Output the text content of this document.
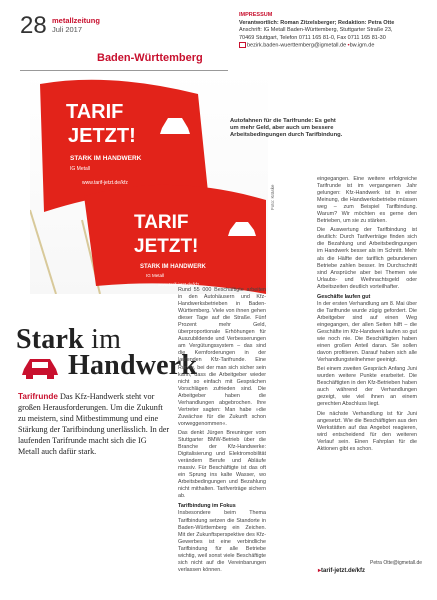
28 metallzeitung
Juli 2017
Baden-Württemberg
IMPRESSUM
Verantwortlich: Roman Zitzelsberger; Redaktion: Petra Otte
Anschrift: IG Metall Baden-Württemberg, Stuttgarter Straße 23,
70469 Stuttgart, Telefon 0711 165 81-0, Fax 0711 165 81-30
bezirk.baden-wuerttemberg@igmetall.de •bw.igm.de
TARIF
JETZT!
STARK IM HANDWERK
IG Metall
www.tarif-jetzt.de/kfz
TARIF
JETZT!
STARK IM HANDWERK
IG Metall
www.tarif-jetzt.de/kfz
Autofahnen für die Tarifrunde: Es geht um mehr Geld, aber auch um bessere Arbeitsbedingungen durch Tarifbindung.
Foto: Kräske
Stark im
Handwerk
Tarifrunde Das Kfz-Handwerk steht vor großen Herausforderungen. Um die Zukunft zu meistern, sind Mitbestimmung und eine Stärkung der Tarifbindung unerlässlich. In der laufenden Tarifrunde macht sich die IG Metall auch dafür stark.
Rund 55 000 Beschäftigte arbeiten in den Autohäusern und Kfz-Handwerksbetrieben in Baden-Württemberg. Viele von ihnen gehen dieser Tage auf die Straße. Fünf Prozent mehr Geld, überproportionale Erhöhungen für Auszubildende und Verbesserungen am Vergütungssystem – das sind die Kernforderungen in der laufenden Kfz-Tarifrunde. Eine Runde, bei der man sich sicher sein kann, dass die Arbeitgeber wieder nicht so einfach mit Gesprächen Vorschlägen zufrieden sind. Die Arbeitgeber haben die Verhandlungen abgebrochen. Ihre Vertreter sagten: Man habe »die Zuwächse für die Zukunft schon vorweggenommen«.
Das denkt Jürgen Breuninger vom Stuttgarter BMW-Betrieb über die Branche der Kfz-Handwerke: Digitalisierung und Elektromobilität verändern Berufe und Abläufe massiv. Für Beschäftigte ist das oft ein Sprung ins kalte Wasser, wo Arbeitsbedingungen und Bezahlung nicht mithalten. Tarifverträge sichern ab.
Tarifbindung im Fokus
Insbesondere beim Thema Tarifbindung setzen die Standorte in Baden-Württemberg ein Zeichen. Mit der Zukunftsperspektive des Kfz-Gewerbes ist eine verbindliche Tarifbindung für alle Betriebe wichtig, weil sonst viele Beschäftigte sich nicht auf die Vereinbarungen verlassen können.
eingegangen. Eine weitere erfolgreiche Tarifrunde ist im vergangenen Jahr gelungen: Kfz-Handwerk ist in einer Meinung, die Handwerksbetriebe müssen weg – zum Beispiel Tarifbindung. Warum? Wir möchten es gerne den Betrieben, um sie zu stärken.
Die Auswertung der Tarifbindung ist deutlich: Durch Tarifverträge finden sich die Bezahlung und Arbeitsbedingungen im Handwerk besser als im Schnitt. Mehr als die Hälfte der tariflich gebundenen Betriebe zahlen besser. Im Durchschnitt sind Ansprüche aber bei Themen wie Urlaubs- und Weihnachtsgeld oder Arbeitszeiten deutlich vorteilhafter.
Geschäfte laufen gut
In der ersten Verhandlung am 8. Mai über die Tarifrunde wurde zügig gefordert. Die Arbeitgeber sind auf einen Weg eingegangen, der allen Seiten hilft – die Geschäfte im Kfz-Handwerk laufen so gut wie noch nie. Die Beschäftigten haben einen großen Anteil daran. Sie sollen davon profitieren. Darauf haben sich alle Verhandlungsteilnehmer geeinigt.
Bei einem zweiten Gespräch Anfang Juni wurden weitere Punkte erarbeitet. Die Beschäftigten in den Kfz-Betrieben haben auch während der Verhandlungen gezeigt, wie viel ihnen an einem gerechten Abschluss liegt.
Die nächste Verhandlung ist für Juni angesetzt. Wie die Beschäftigten aus den Werkstätten auf das Angebot reagieren, wird entscheidend für den weiteren Verlauf sein. Einen Fahrplan für die Aktionen gibt es schon.
▸tarif-jetzt.de/kfz
Petra Otte@igmetall.de
